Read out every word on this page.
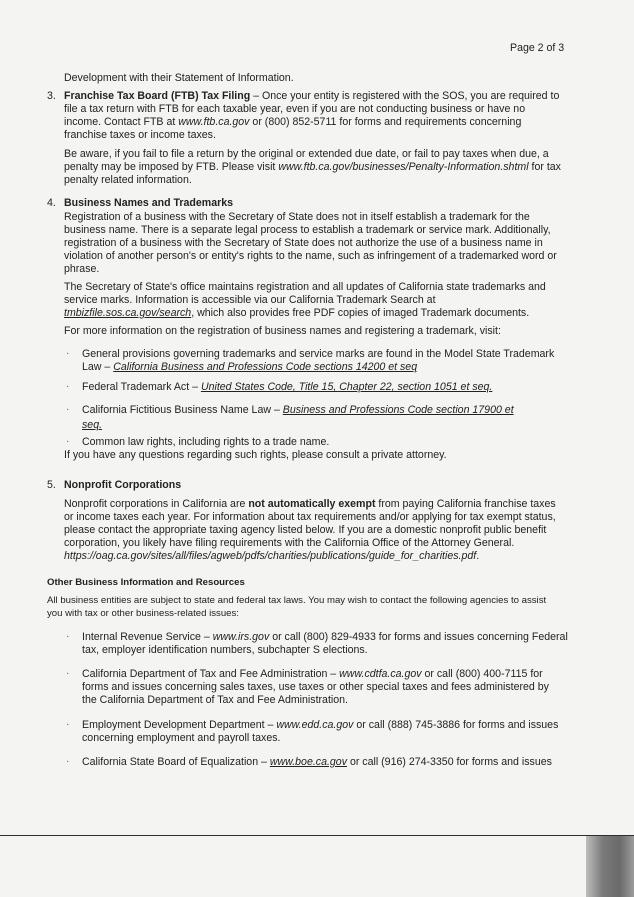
Page 2 of 3
Development with their Statement of Information.
3. Franchise Tax Board (FTB) Tax Filing – Once your entity is registered with the SOS, you are required to
file a tax return with FTB for each taxable year, even if you are not conducting business or have no
income. Contact FTB at www.ftb.ca.gov or (800) 852-5711 for forms and requirements concerning
franchise taxes or income taxes.
Be aware, if you fail to file a return by the original or extended due date, or fail to pay taxes when due, a
penalty may be imposed by FTB. Please visit www.ftb.ca.gov/businesses/Penalty-Information.shtml for tax
penalty related information.
4. Business Names and Trademarks
Registration of a business with the Secretary of State does not in itself establish a trademark for the
business name. There is a separate legal process to establish a trademark or service mark. Additionally,
registration of a business with the Secretary of State does not authorize the use of a business name in
violation of another person's or entity's rights to the name, such as infringement of a trademarked word or
phrase.
The Secretary of State's office maintains registration and all updates of California state trademarks and
service marks. Information is accessible via our California Trademark Search at
tmbizfile.sos.ca.gov/search, which also provides free PDF copies of imaged Trademark documents.
For more information on the registration of business names and registering a trademark, visit:
· General provisions governing trademarks and service marks are found in the Model State Trademark
Law – California Business and Professions Code sections 14200 et seq
· Federal Trademark Act – United States Code, Title 15, Chapter 22, section 1051 et seq.
· California Fictitious Business Name Law – Business and Professions Code section 17900 et
seq.
· Common law rights, including rights to a trade name.
If you have any questions regarding such rights, please consult a private attorney.
5. Nonprofit Corporations
Nonprofit corporations in California are not automatically exempt from paying California franchise taxes
or income taxes each year. For information about tax requirements and/or applying for tax exempt status,
please contact the appropriate taxing agency listed below. If you are a domestic nonprofit public benefit
corporation, you likely have filing requirements with the California Office of the Attorney General.
https://oag.ca.gov/sites/all/files/agweb/pdfs/charities/publications/guide_for_charities.pdf.
Other Business Information and Resources
All business entities are subject to state and federal tax laws. You may wish to contact the following agencies to assist
you with tax or other business-related issues:
· Internal Revenue Service – www.irs.gov or call (800) 829-4933 for forms and issues concerning Federal
tax, employer identification numbers, subchapter S elections.
· California Department of Tax and Fee Administration – www.cdtfa.ca.gov or call (800) 400-7115 for
forms and issues concerning sales taxes, use taxes or other special taxes and fees administered by
the California Department of Tax and Fee Administration.
· Employment Development Department – www.edd.ca.gov or call (888) 745-3886 for forms and issues
concerning employment and payroll taxes.
· California State Board of Equalization – www.boe.ca.gov or call (916) 274-3350 for forms and issues
